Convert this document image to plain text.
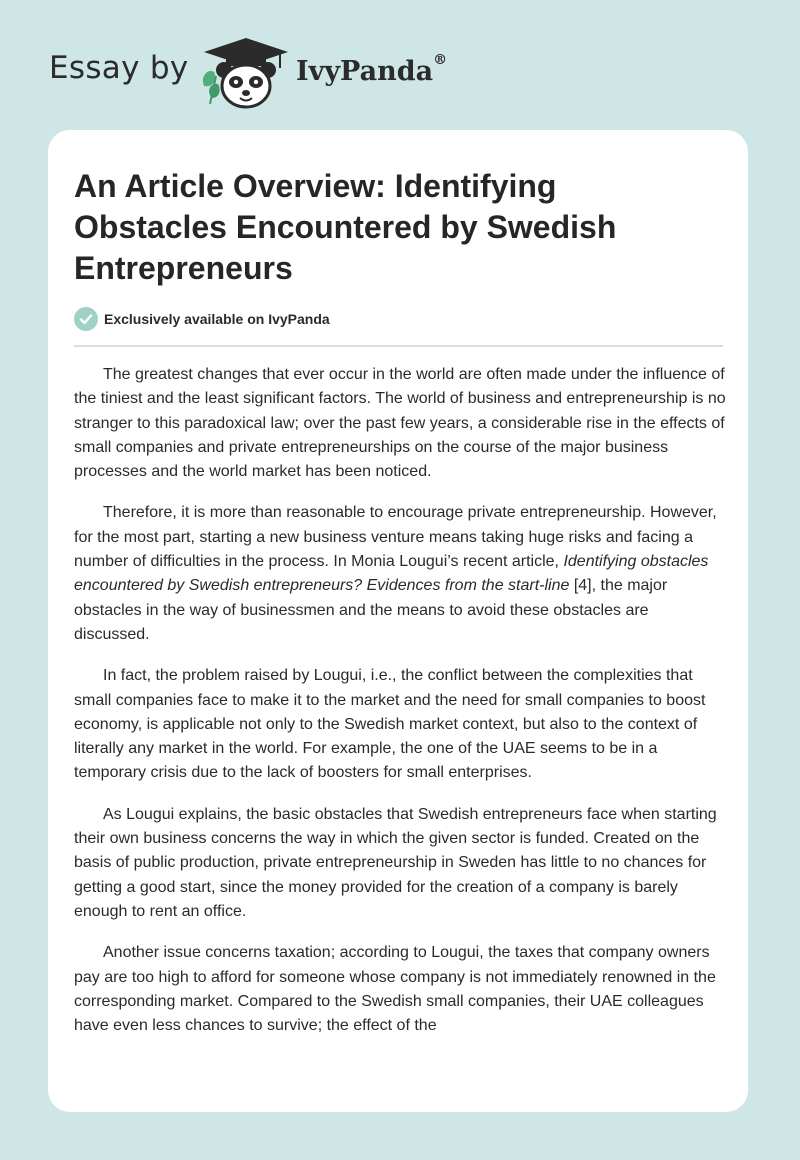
Essay by	IvyPanda®
An Article Overview: Identifying Obstacles Encountered by Swedish Entrepreneurs
Exclusively available on IvyPanda

The greatest changes that ever occur in the world are often made under the influence of the tiniest and the least significant factors. The world of business and entrepreneurship is no stranger to this paradoxical law; over the past few years, a considerable rise in the effects of small companies and private entrepreneurships on the course of the major business processes and the world market has been noticed.

Therefore, it is more than reasonable to encourage private entrepreneurship. However, for the most part, starting a new business venture means taking huge risks and facing a number of difficulties in the process. In Monia Lougui’s recent article, Identifying obstacles encountered by Swedish entrepreneurs? Evidences from the start-line [4], the major obstacles in the way of businessmen and the means to avoid these obstacles are discussed.

In fact, the problem raised by Lougui, i.e., the conflict between the complexities that small companies face to make it to the market and the need for small companies to boost economy, is applicable not only to the Swedish market context, but also to the context of literally any market in the world. For example, the one of the UAE seems to be in a temporary crisis due to the lack of boosters for small enterprises.

As Lougui explains, the basic obstacles that Swedish entrepreneurs face when starting their own business concerns the way in which the given sector is funded. Created on the basis of public production, private entrepreneurship in Sweden has little to no chances for getting a good start, since the money provided for the creation of a company is barely enough to rent an office.

Another issue concerns taxation; according to Lougui, the taxes that company owners pay are too high to afford for someone whose company is not immediately renowned in the corresponding market. Compared to the Swedish small companies, their UAE colleagues have even less chances to survive; the effect of the
